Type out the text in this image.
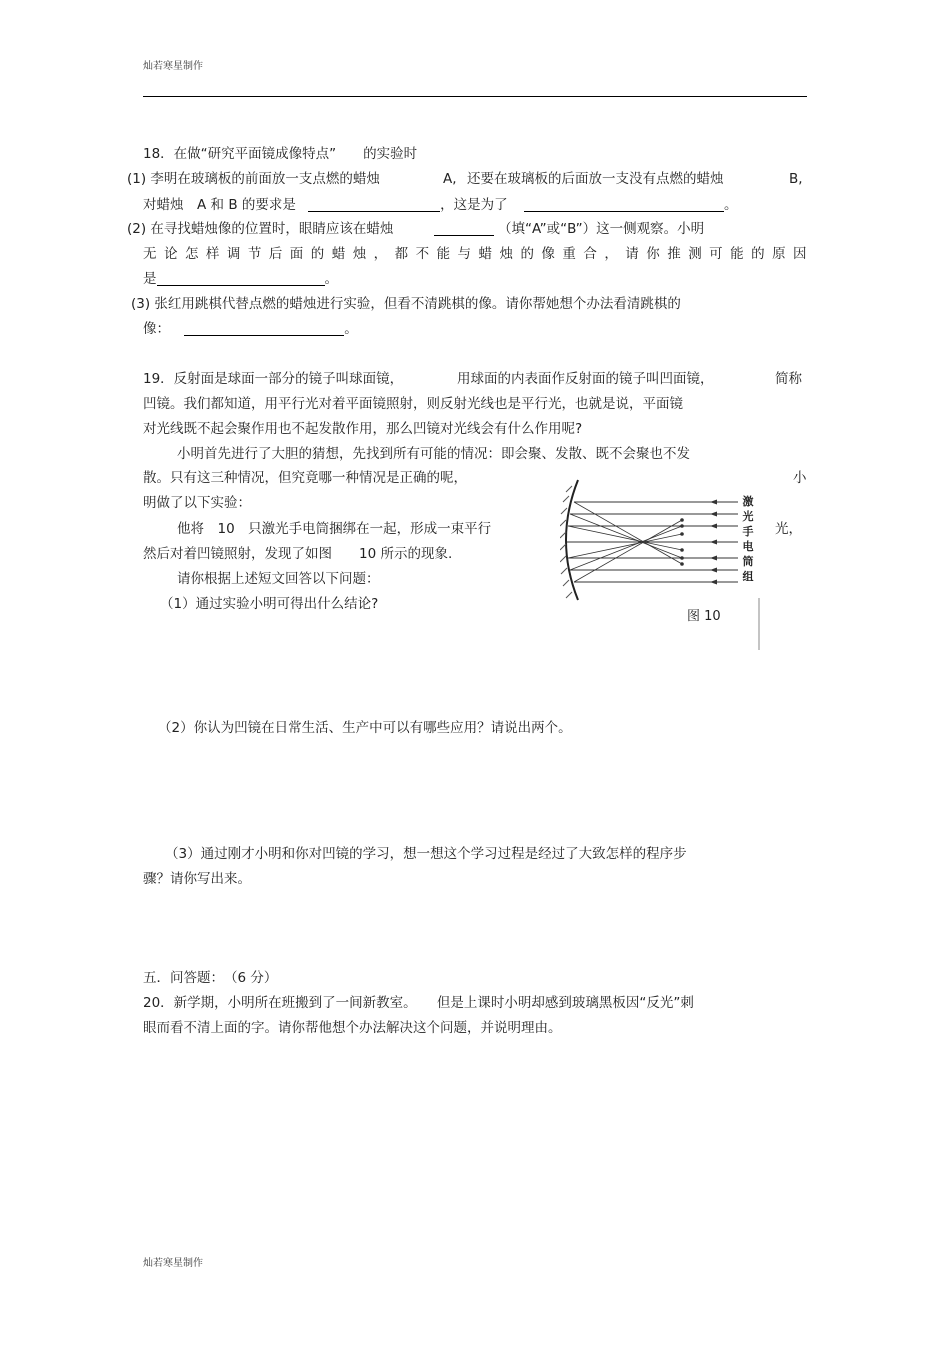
灿若寒星制作
18．在做“研究平面镜成像特点”　　的实验时
(1) 李明在玻璃板的前面放一支点燃的蜡烛	A, 还要在玻璃板的后面放一支没有点燃的蜡烛	B,
对蜡烛　A 和 B 的要求是	，这是为了	。
(2) 在寻找蜡烛像的位置时，眼睛应该在蜡烛	（填“A”或“B”）这一侧观察。小明
无 论 怎 样 调 节 后 面 的 蜡 烛 ， 都 不 能 与 蜡 烛 的 像 重 合 ， 请 你 推 测 可 能 的 原 因
是	。
(3) 张红用跳棋代替点燃的蜡烛进行实验，但看不清跳棋的像。请你帮她想个办法看清跳棋的
像：	。
19．反射面是球面一部分的镜子叫球面镜，	用球面的内表面作反射面的镜子叫凹面镜，	简称
凹镜。我们都知道，用平行光对着平面镜照射，则反射光线也是平行光，也就是说，平面镜
对光线既不起会聚作用也不起发散作用，那么凹镜对光线会有什么作用呢?
小明首先进行了大胆的猜想，先找到所有可能的情况：即会聚、发散、既不会聚也不发
散。只有这三种情况，但究竟哪一种情况是正确的呢，	小
明做了以下实验：
他将　10　只激光手电筒捆绑在一起，形成一束平行	光，
然后对着凹镜照射，发现了如图　　10 所示的现象.
请你根据上述短文回答以下问题：
（1）通过实验小明可得出什么结论?
激
光
手
电
筒
组
图 10
（2）你认为凹镜在日常生活、生产中可以有哪些应用？请说出两个。
（3）通过刚才小明和你对凹镜的学习，想一想这个学习过程是经过了大致怎样的程序步
骤？请你写出来。
五．问答题：　（6 分）
20．新学期，小明所在班搬到了一间新教室。　　但是上课时小明却感到玻璃黑板因“反光”刺
眼而看不清上面的字。请你帮他想个办法解决这个问题，并说明理由。
灿若寒星制作
